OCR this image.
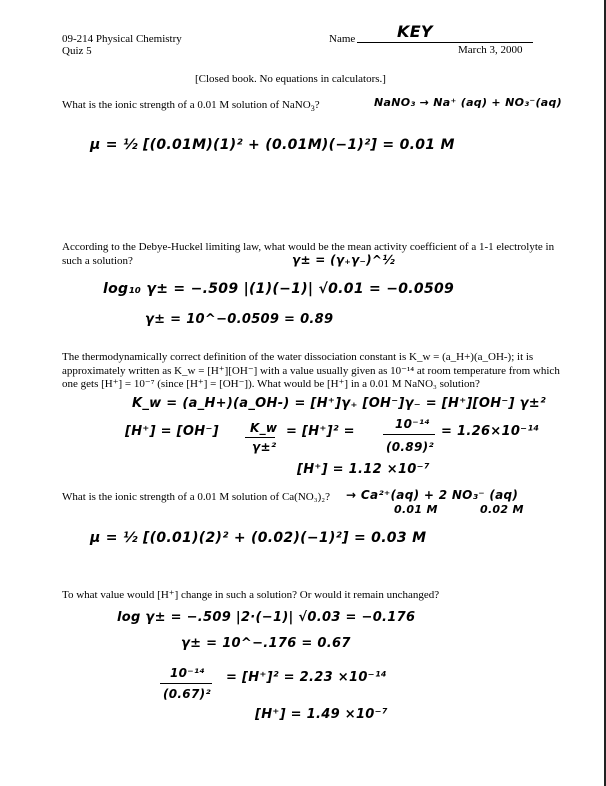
09-214 Physical Chemistry
Quiz 5
Name	KEY
March 3, 2000
[Closed book. No equations in calculators.]
What is the ionic strength of a 0.01 M solution of NaNO$_3$?	NaNO₃ → Na⁺ (aq) + NO₃⁻(aq)
μ = ½ [(0.01M)(1)² + (0.01M)(−1)²] = 0.01 M
According to the Debye-Huckel limiting law, what would be the mean activity coefficient of a 1-1 electrolyte in such a solution?	γ± = (γ₊γ₋)^½
log₁₀ γ± = −.509 |(1)(−1)| √0.01 = −0.0509
γ± = 10^−0.0509 = 0.89
The thermodynamically correct definition of the water dissociation constant is K_w = (a_H+)(a_OH-); it is approximately written as K_w = [H⁺][OH⁻] with a value usually given as 10⁻¹⁴ at room temperature from which one gets [H⁺] = 10⁻⁷ (since [H⁺] = [OH⁻]). What would be [H⁺] in a 0.01 M NaNO₃ solution?
K_w = (a_H+)(a_OH-) = [H⁺]γ₊ [OH⁻]γ₋ = [H⁺][OH⁻] γ±²
[H⁺] = [OH⁻]	K_w
γ±²
= [H⁺]² =	10⁻¹⁴
(0.89)²
= 1.26×10⁻¹⁴
[H⁺] = 1.12 ×10⁻⁷
What is the ionic strength of a 0.01 M solution of Ca(NO₃)₂? → Ca²⁺(aq) + 2 NO₃⁻ (aq)
0.01 M	0.02 M
μ = ½ [(0.01)(2)² + (0.02)(−1)²] = 0.03 M
To what value would [H⁺] change in such a solution? Or would it remain unchanged?
log γ± = −.509 |2·(−1)| √0.03 = −0.176
γ± = 10^−.176 = 0.67
10⁻¹⁴
(0.67)²
= [H⁺]² = 2.23 ×10⁻¹⁴
[H⁺] = 1.49 ×10⁻⁷
